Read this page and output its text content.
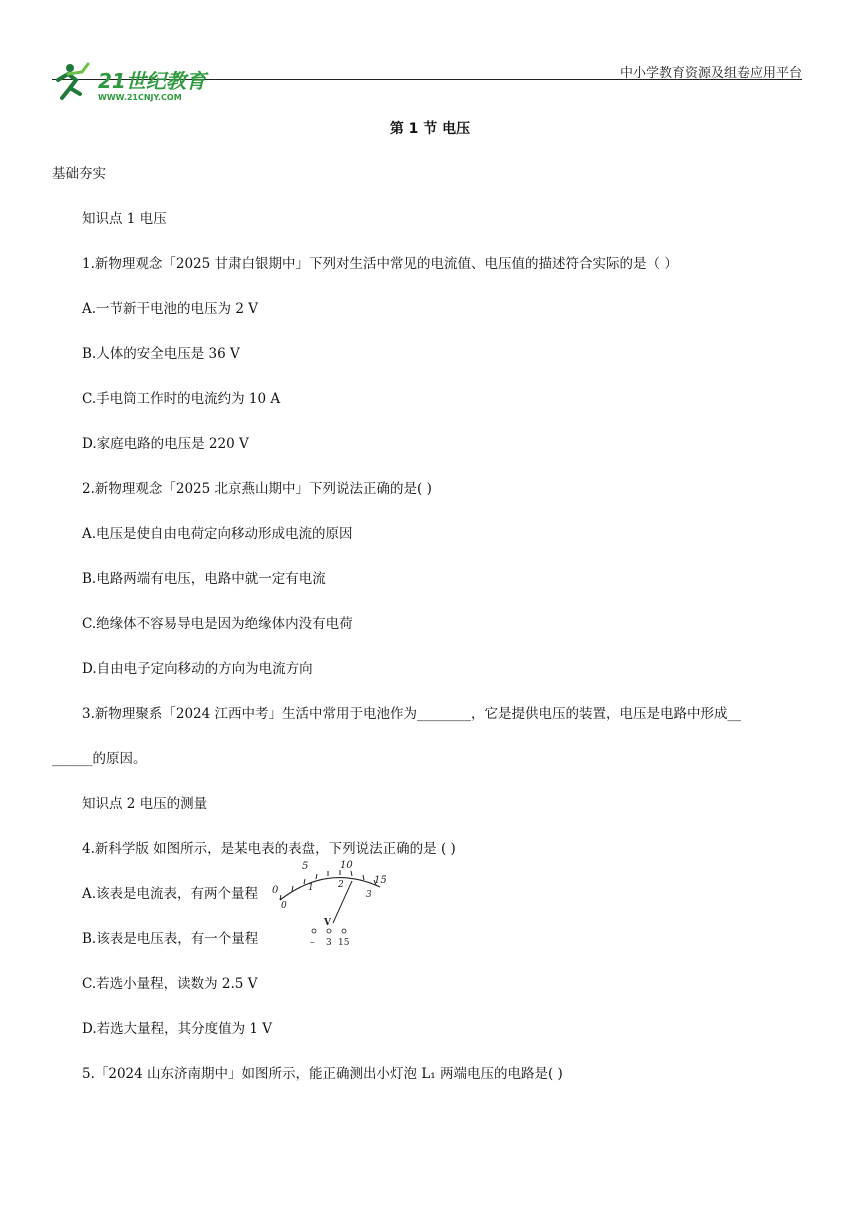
21世纪教育
WWW.21CNJY.COM
中小学教育资源及组卷应用平台
第 1 节 电压
基础夯实
知识点 1 电压
1.新物理观念「2025 甘肃白银期中」下列对生活中常见的电流值、电压值的描述符合实际的是（ ）
A.一节新干电池的电压为 2 V
B.人体的安全电压是 36 V
C.手电筒工作时的电流约为 10 A
D.家庭电路的电压是 220 V
2.新物理观念「2025 北京燕山期中」下列说法正确的是( )
A.电压是使自由电荷定向移动形成电流的原因
B.电路两端有电压，电路中就一定有电流
C.绝缘体不容易导电是因为绝缘体内没有电荷
D.自由电子定向移动的方向为电流方向
3.新物理聚系「2024 江西中考」生活中常用于电池作为________，它是提供电压的装置，电压是电路中形成__
______的原因。
知识点 2 电压的测量
4.新科学版 如图所示，是某电表的表盘，下列说法正确的是 ( )
A.该表是电流表，有两个量程
B.该表是电压表，有一个量程
C.若选小量程，读数为 2.5 V
D.若选大量程，其分度值为 1 V
0
5	10
15
0
1	2
3
V
– 3 15
5.「2024 山东济南期中」如图所示，能正确测出小灯泡 L₁ 两端电压的电路是( )
